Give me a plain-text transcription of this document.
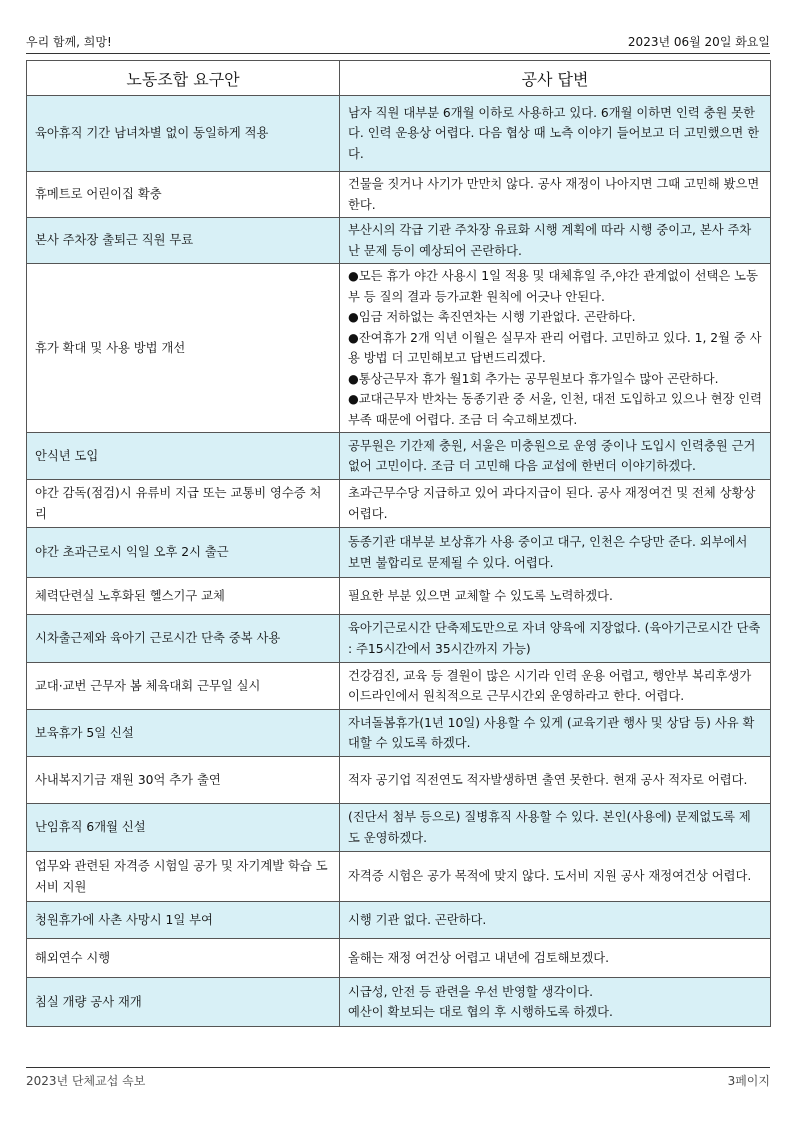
우리 함께, 희망!	2023년 06월 20일 화요일
노동조합 요구안	공사 답변
육아휴직 기간 남녀차별 없이 동일하게 적용	남자 직원 대부분 6개월 이하로 사용하고 있다. 6개월 이하면 인력 충원 못한다. 인력 운용상 어렵다. 다음 협상 때 노측 이야기 들어보고 더 고민했으면 한다.

휴메트로 어린이집 확충	건물을 짓거나 사기가 만만치 않다. 공사 재정이 나아지면 그때 고민해 봤으면 한다.

본사 주차장 출퇴근 직원 무료	부산시의 각급 기관 주차장 유료화 시행 계획에 따라 시행 중이고, 본사 주차난 문제 등이 예상되어 곤란하다.

휴가 확대 및 사용 방법 개선	●모든 휴가 야간 사용시 1일 적용 및 대체휴일 주,야간 관계없이 선택은 노동부 등 질의 결과 등가교환 원칙에 어긋나 안된다.

●임금 저하없는 촉진연차는 시행 기관없다. 곤란하다.

●잔여휴가 2개 익년 이월은 실무자 관리 어렵다. 고민하고 있다. 1, 2월 중 사용 방법 더 고민해보고 답변드리겠다.

●통상근무자 휴가 월1회 추가는 공무원보다 휴가일수 많아 곤란하다.

●교대근무자 반차는 동종기관 중 서울, 인천, 대전 도입하고 있으나 현장 인력 부족 때문에 어렵다. 조금 더 숙고해보겠다.

안식년 도입	공무원은 기간제 충원, 서울은 미충원으로 운영 중이나 도입시 인력충원 근거없어 고민이다. 조금 더 고민해 다음 교섭에 한번더 이야기하겠다.

야간 감독(점검)시 유류비 지급 또는 교통비 영수증 처리	초과근무수당 지급하고 있어 과다지급이 된다. 공사 재정여건 및 전체 상황상 어렵다.

야간 초과근로시 익일 오후 2시 출근	동종기관 대부분 보상휴가 사용 중이고 대구, 인천은 수당만 준다. 외부에서 보면 불합리로 문제될 수 있다. 어렵다.

체력단련실 노후화된 헬스기구 교체	필요한 부분 있으면 교체할 수 있도록 노력하겠다.

시차출근제와 육아기 근로시간 단축 중복 사용	육아기근로시간 단축제도만으로 자녀 양육에 지장없다. (육아기근로시간 단축 : 주15시간에서 35시간까지 가능)

교대·교번 근무자 봄 체육대회 근무일 실시	건강검진, 교육 등 결원이 많은 시기라 인력 운용 어렵고, 행안부 복리후생가이드라인에서 원칙적으로 근무시간외 운영하라고 한다. 어렵다.

보육휴가 5일 신설	자녀돌봄휴가(1년 10일) 사용할 수 있게 (교육기관 행사 및 상담 등) 사유 확대할 수 있도록 하겠다.

사내복지기금 재원 30억 추가 출연	적자 공기업 직전연도 적자발생하면 출연 못한다. 현재 공사 적자로 어렵다.

난임휴직 6개월 신설	(진단서 첨부 등으로) 질병휴직 사용할 수 있다. 본인(사용에) 문제없도록 제도 운영하겠다.

업무와 관련된 자격증 시험일 공가 및 자기계발 학습 도서비 지원	자격증 시험은 공가 목적에 맞지 않다. 도서비 지원 공사 재정여건상 어렵다.

청원휴가에 사촌 사망시 1일 부여	시행 기관 없다. 곤란하다.

해외연수 시행	올해는 재정 여건상 어렵고 내년에 검토해보겠다.

침실 개량 공사 재개	시급성, 안전 등 관련을 우선 반영할 생각이다.

예산이 확보되는 대로 협의 후 시행하도록 하겠다.

2023년 단체교섭 속보	3페이지
